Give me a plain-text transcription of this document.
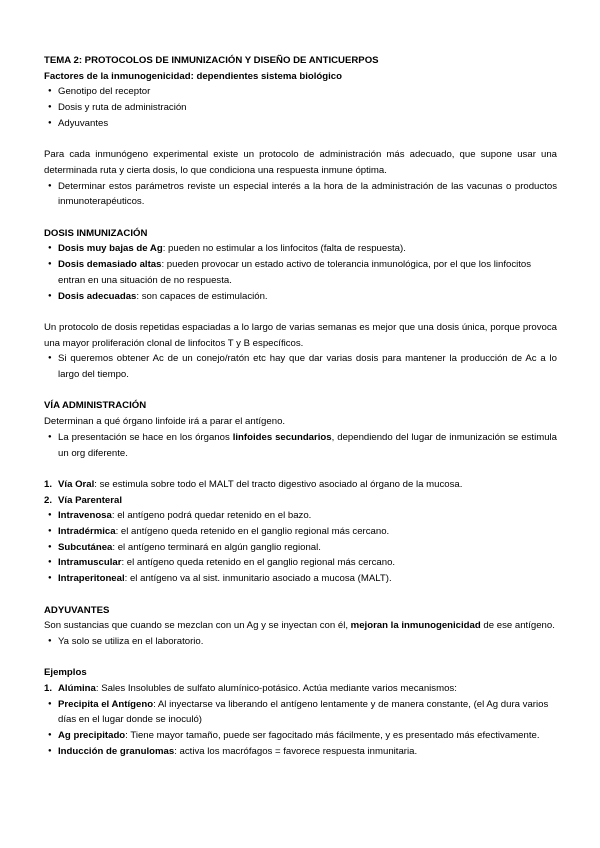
TEMA 2: PROTOCOLOS DE INMUNIZACIÓN Y DISEÑO DE ANTICUERPOS

Factores de la inmunogenicidad: dependientes sistema biológico

● Genotipo del receptor
● Dosis y ruta de administración
● Adyuvantes

Para cada inmunógeno experimental existe un protocolo de administración más adecuado, que supone usar una determinada ruta y cierta dosis, lo que condiciona una respuesta inmune óptima.

● Determinar estos parámetros reviste un especial interés a la hora de la administración de las vacunas o productos inmunoterapéuticos.

DOSIS INMUNIZACIÓN

● Dosis muy bajas de Ag: pueden no estimular a los linfocitos (falta de respuesta).
● Dosis demasiado altas: pueden provocar un estado activo de tolerancia inmunológica, por el que los linfocitos entran en una situación de no respuesta.
● Dosis adecuadas: son capaces de estimulación.

Un protocolo de dosis repetidas espaciadas a lo largo de varias semanas es mejor que una dosis única, porque provoca una mayor proliferación clonal de linfocitos T y B específicos.

● Si queremos obtener Ac de un conejo/ratón etc hay que dar varias dosis para mantener la producción de Ac a lo largo del tiempo.

VÍA ADMINISTRACIÓN

Determinan a qué órgano linfoide irá a parar el antígeno.

● La presentación se hace en los órganos linfoides secundarios, dependiendo del lugar de inmunización se estimula un org diferente.
1. Vía Oral: se estimula sobre todo el MALT del tracto digestivo asociado al órgano de la mucosa.
2. Vía Parenteral
● Intravenosa: el antígeno podrá quedar retenido en el bazo.
● Intradérmica: el antígeno queda retenido en el ganglio regional más cercano.
● Subcutánea: el antígeno terminará en algún ganglio regional.
● Intramuscular: el antígeno queda retenido en el ganglio regional más cercano.
● Intraperitoneal: el antígeno va al sist. inmunitario asociado a mucosa (MALT).

ADYUVANTES

Son sustancias que cuando se mezclan con un Ag y se inyectan con él, mejoran la inmunogenicidad de ese antígeno.

● Ya solo se utiliza en el laboratorio.

Ejemplos

1. Alúmina: Sales Insolubles de sulfato alumínico-potásico. Actúa mediante varios mecanismos:
● Precipita el Antígeno: Al inyectarse va liberando el antígeno lentamente y de manera constante, (el Ag dura varios días en el lugar donde se inoculó)
● Ag precipitado: Tiene mayor tamaño, puede ser fagocitado más fácilmente, y es presentado más efectivamente.
● Inducción de granulomas: activa los macrófagos = favorece respuesta inmunitaria.
